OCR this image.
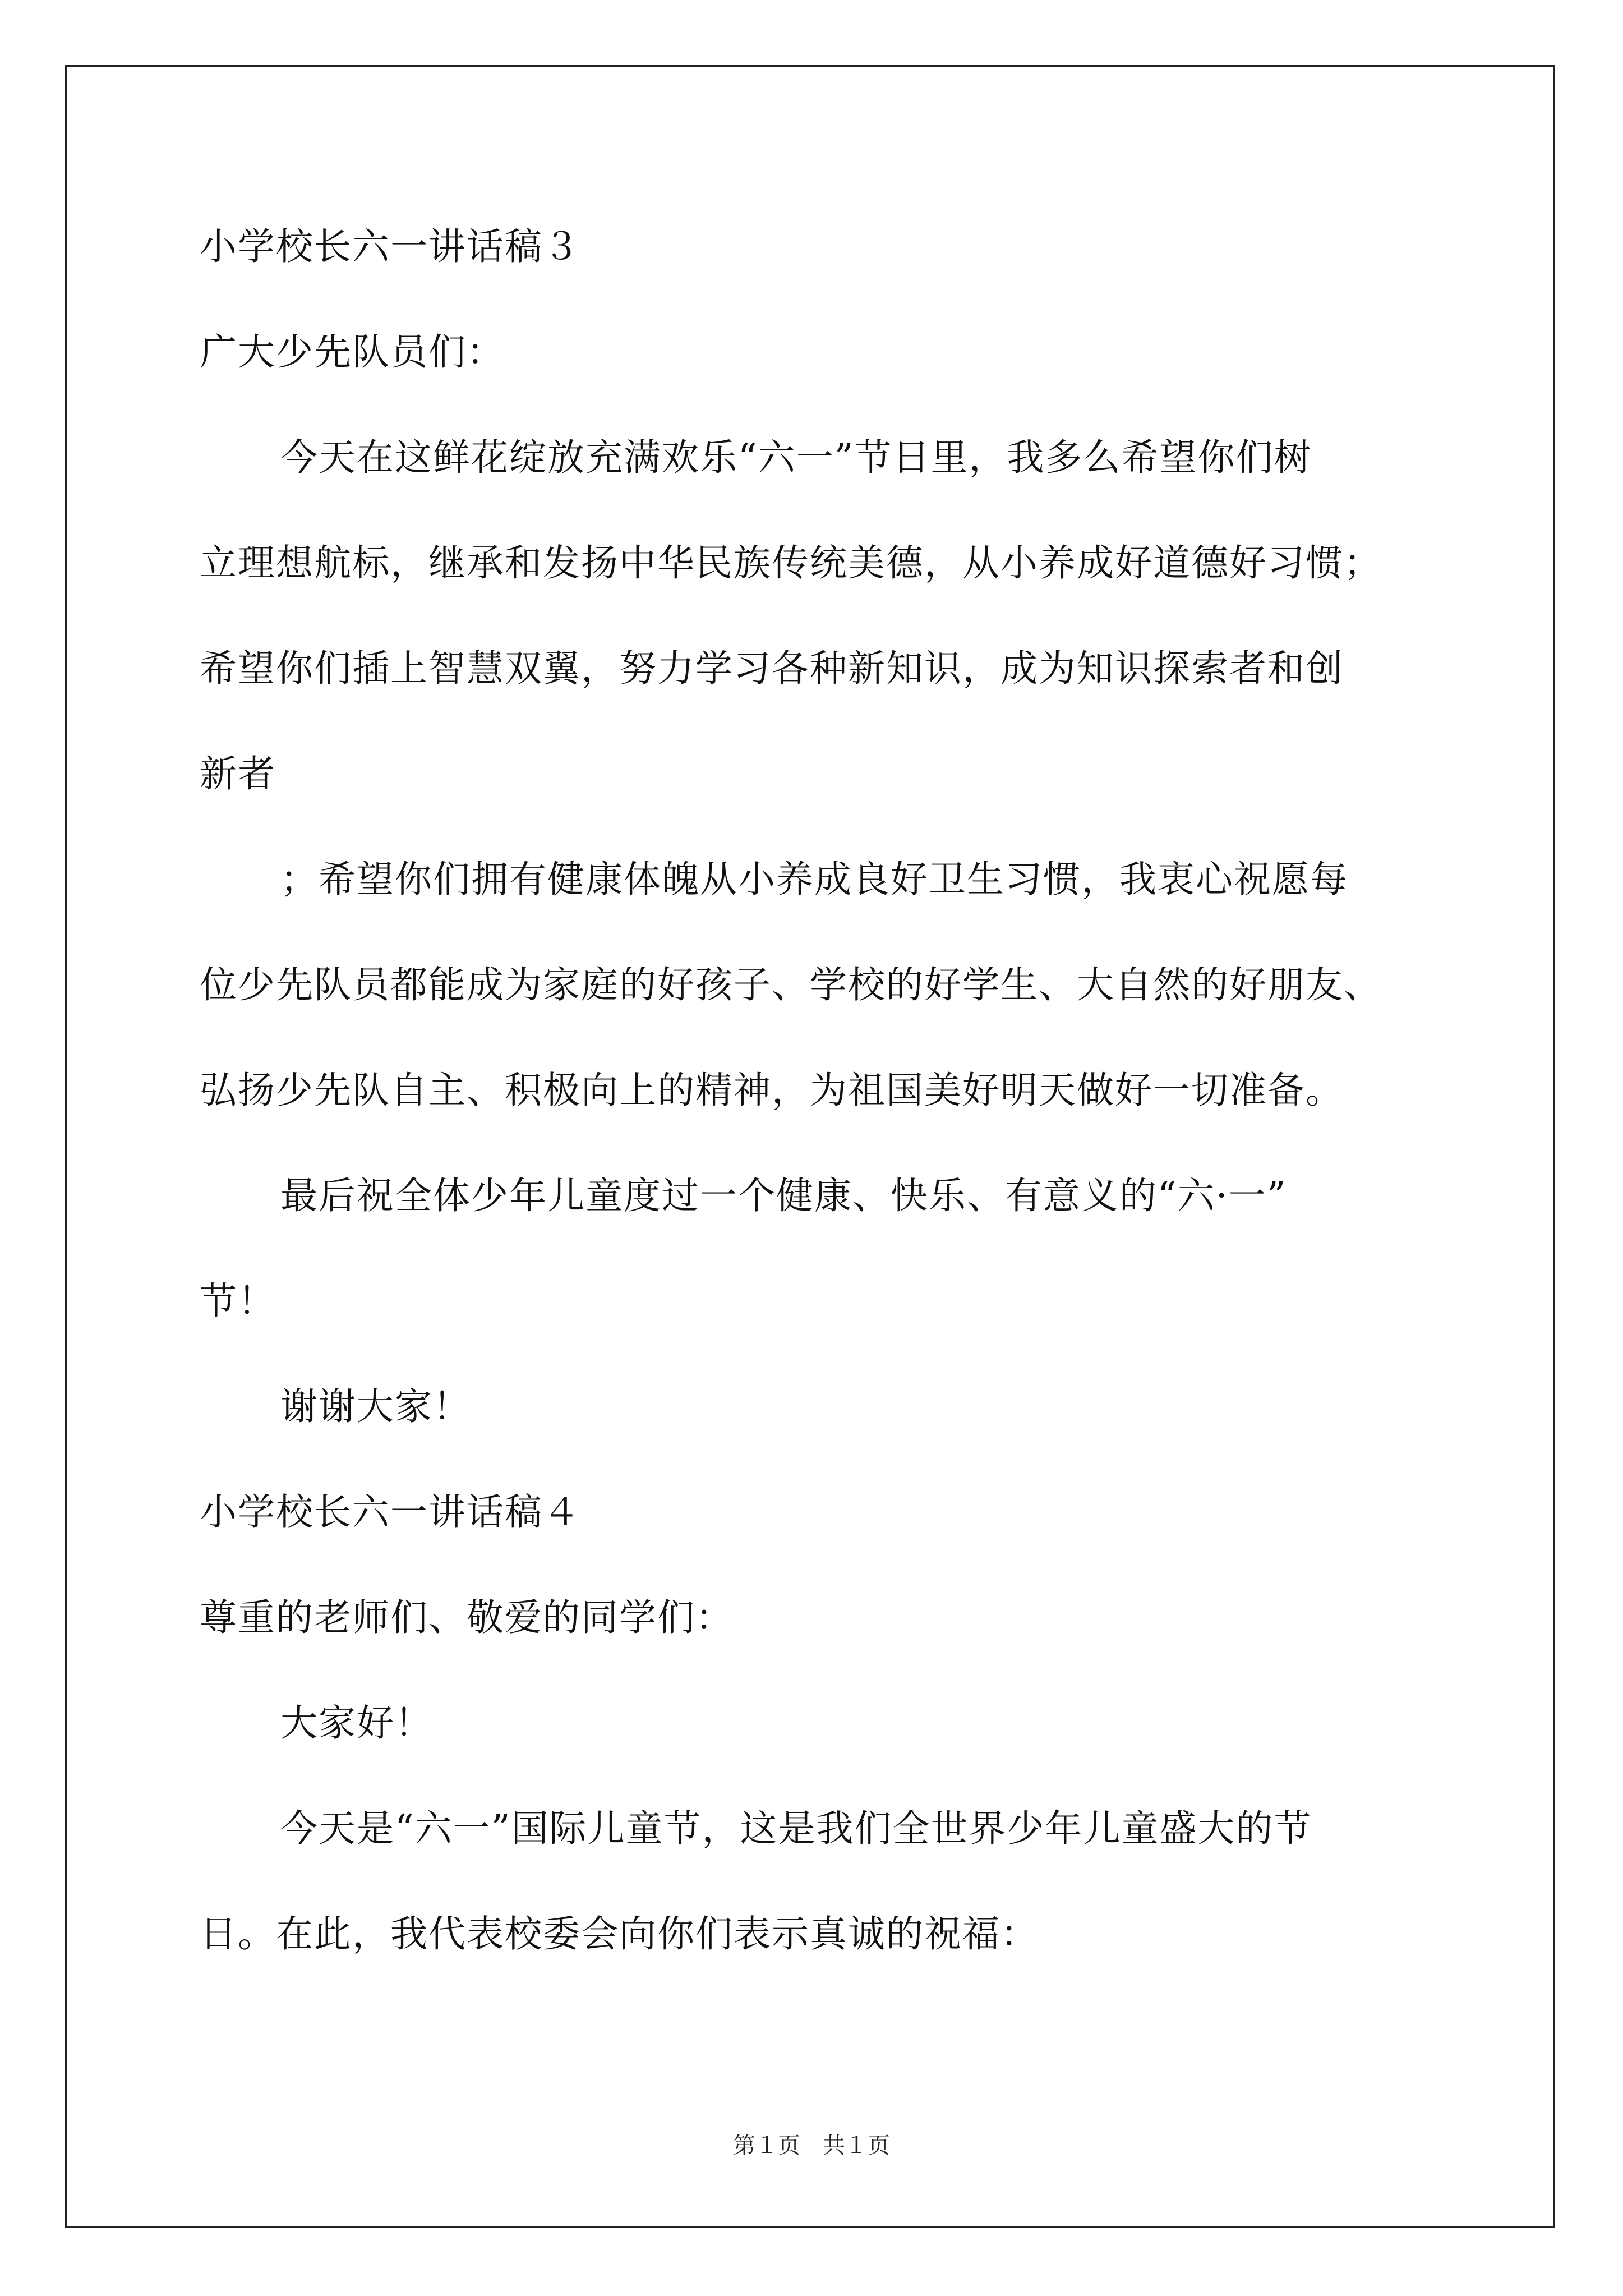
小学校长六一讲话稿３
广大少先队员们：
今天在这鲜花绽放充满欢乐“六一”节日里，我多么希望你们树
立理想航标，继承和发扬中华民族传统美德，从小养成好道德好习惯；
希望你们插上智慧双翼，努力学习各种新知识，成为知识探索者和创
新者
；希望你们拥有健康体魄从小养成良好卫生习惯，我衷心祝愿每
位少先队员都能成为家庭的好孩子、学校的好学生、大自然的好朋友、
弘扬少先队自主、积极向上的精神，为祖国美好明天做好一切准备。
最后祝全体少年儿童度过一个健康、快乐、有意义的“六·一”
节！
谢谢大家！
小学校长六一讲话稿４
尊重的老师们、敬爱的同学们：
大家好！
今天是“六一”国际儿童节，这是我们全世界少年儿童盛大的节
日。在此，我代表校委会向你们表示真诚的祝福：
第１页　共１页
